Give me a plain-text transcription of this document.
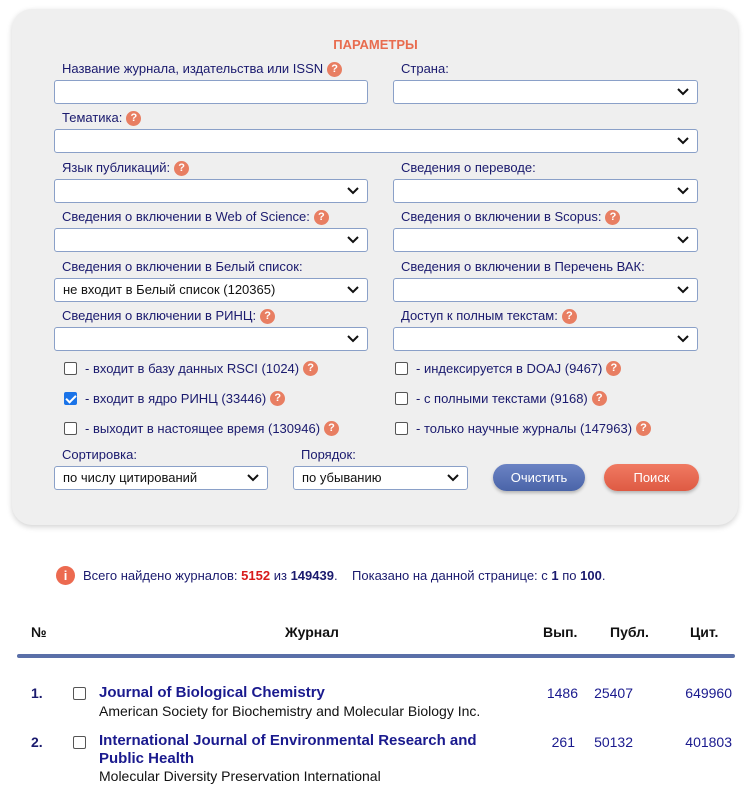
ПАРАМЕТРЫ
Название журнала, издательства или ISSN ?	Страна:
Тематика: ?
Язык публикаций: ?	Сведения о переводе:
Сведения о включении в Web of Science: ?	Сведения о включении в Scopus: ?
Сведения о включении в Белый список:
не входит в Белый список (120365)
Сведения о включении в Перечень ВАК:
Сведения о включении в РИНЦ: ?	Доступ к полным текстам: ?
- входит в базу данных RSCI (1024) ?	- индексируется в DOAJ (9467) ?
- входит в ядро РИНЦ (33446) ?	- с полными текстами (9168) ?
- выходит в настоящее время (130946) ?	- только научные журналы (147963) ?
Сортировка:
по числу цитирований
Порядок:
по убыванию	Очистить	Поиск
i	Всего найдено журналов:
5152
из
149439 .
Показано на данной странице: с
1
по
100 .
№	Журнал	Вып. Публ.	Цит.
1.	Journal of Biological Chemistry
American Society for Biochemistry and Molecular Biology Inc.
1486	25407	649960
2.	International Journal of Environmental Research and Public Health
Molecular Diversity Preservation International
261	50132	401803
